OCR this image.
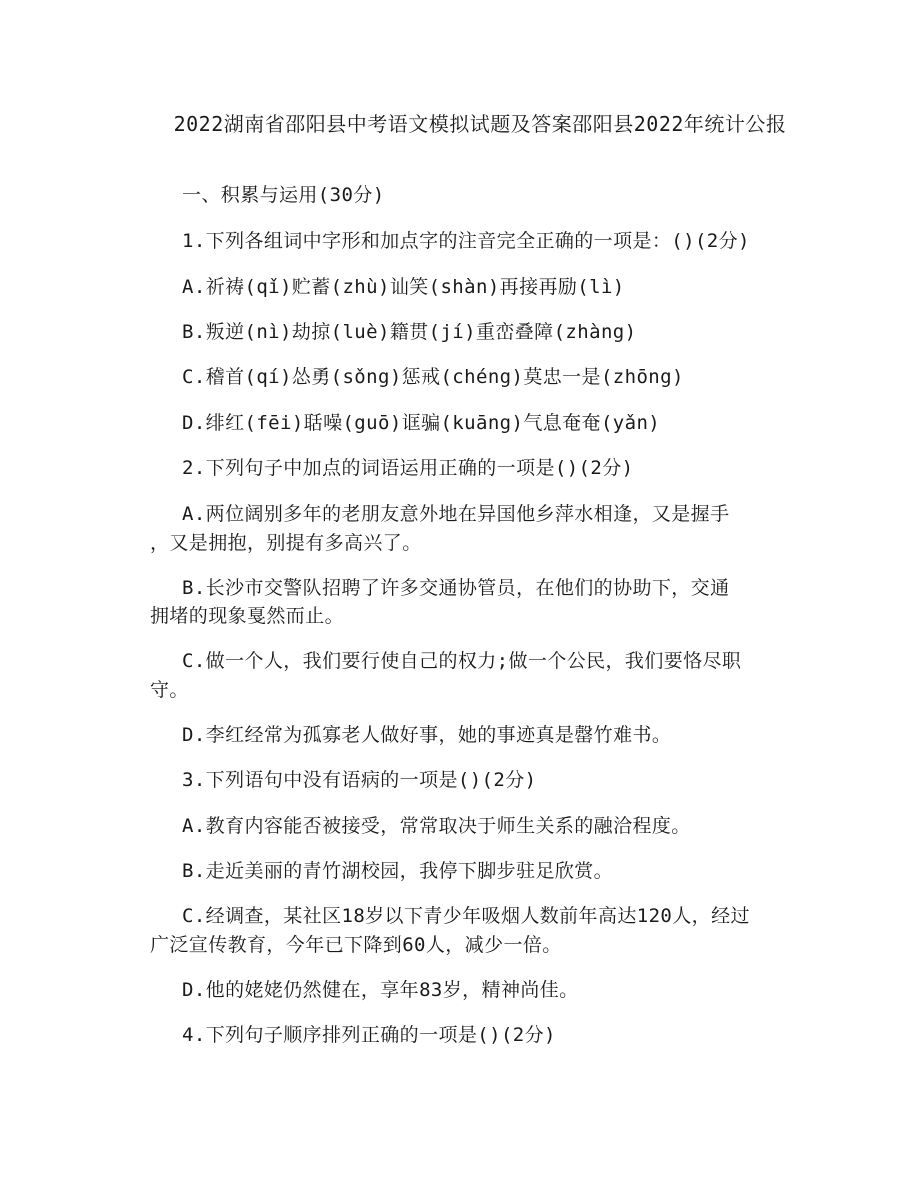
2022湖南省邵阳县中考语文模拟试题及答案邵阳县2022年统计公报
一、积累与运用(30分)
1.下列各组词中字形和加点字的注音完全正确的一项是：()(2分)
A.祈祷(qǐ)贮蓄(zhù)讪笑(shàn)再接再励(lì)
B.叛逆(nì)劫掠(luè)籍贯(jí)重峦叠障(zhàng)
C.稽首(qí)怂勇(sǒng)惩戒(chéng)莫忠一是(zhōng)
D.绯红(fēi)聒噪(guō)诓骗(kuāng)气息奄奄(yǎn)
2.下列句子中加点的词语运用正确的一项是()(2分)
A.两位阔别多年的老朋友意外地在异国他乡萍水相逢，又是握手
，又是拥抱，别提有多高兴了。
B.长沙市交警队招聘了许多交通协管员，在他们的协助下，交通
拥堵的现象戛然而止。
C.做一个人，我们要行使自己的权力;做一个公民，我们要恪尽职
守。
D.李红经常为孤寡老人做好事，她的事迹真是罄竹难书。
3.下列语句中没有语病的一项是()(2分)
A.教育内容能否被接受，常常取决于师生关系的融洽程度。
B.走近美丽的青竹湖校园，我停下脚步驻足欣赏。
C.经调查，某社区18岁以下青少年吸烟人数前年高达120人，经过
广泛宣传教育，今年已下降到60人，减少一倍。
D.他的姥姥仍然健在，享年83岁，精神尚佳。
4.下列句子顺序排列正确的一项是()(2分)
